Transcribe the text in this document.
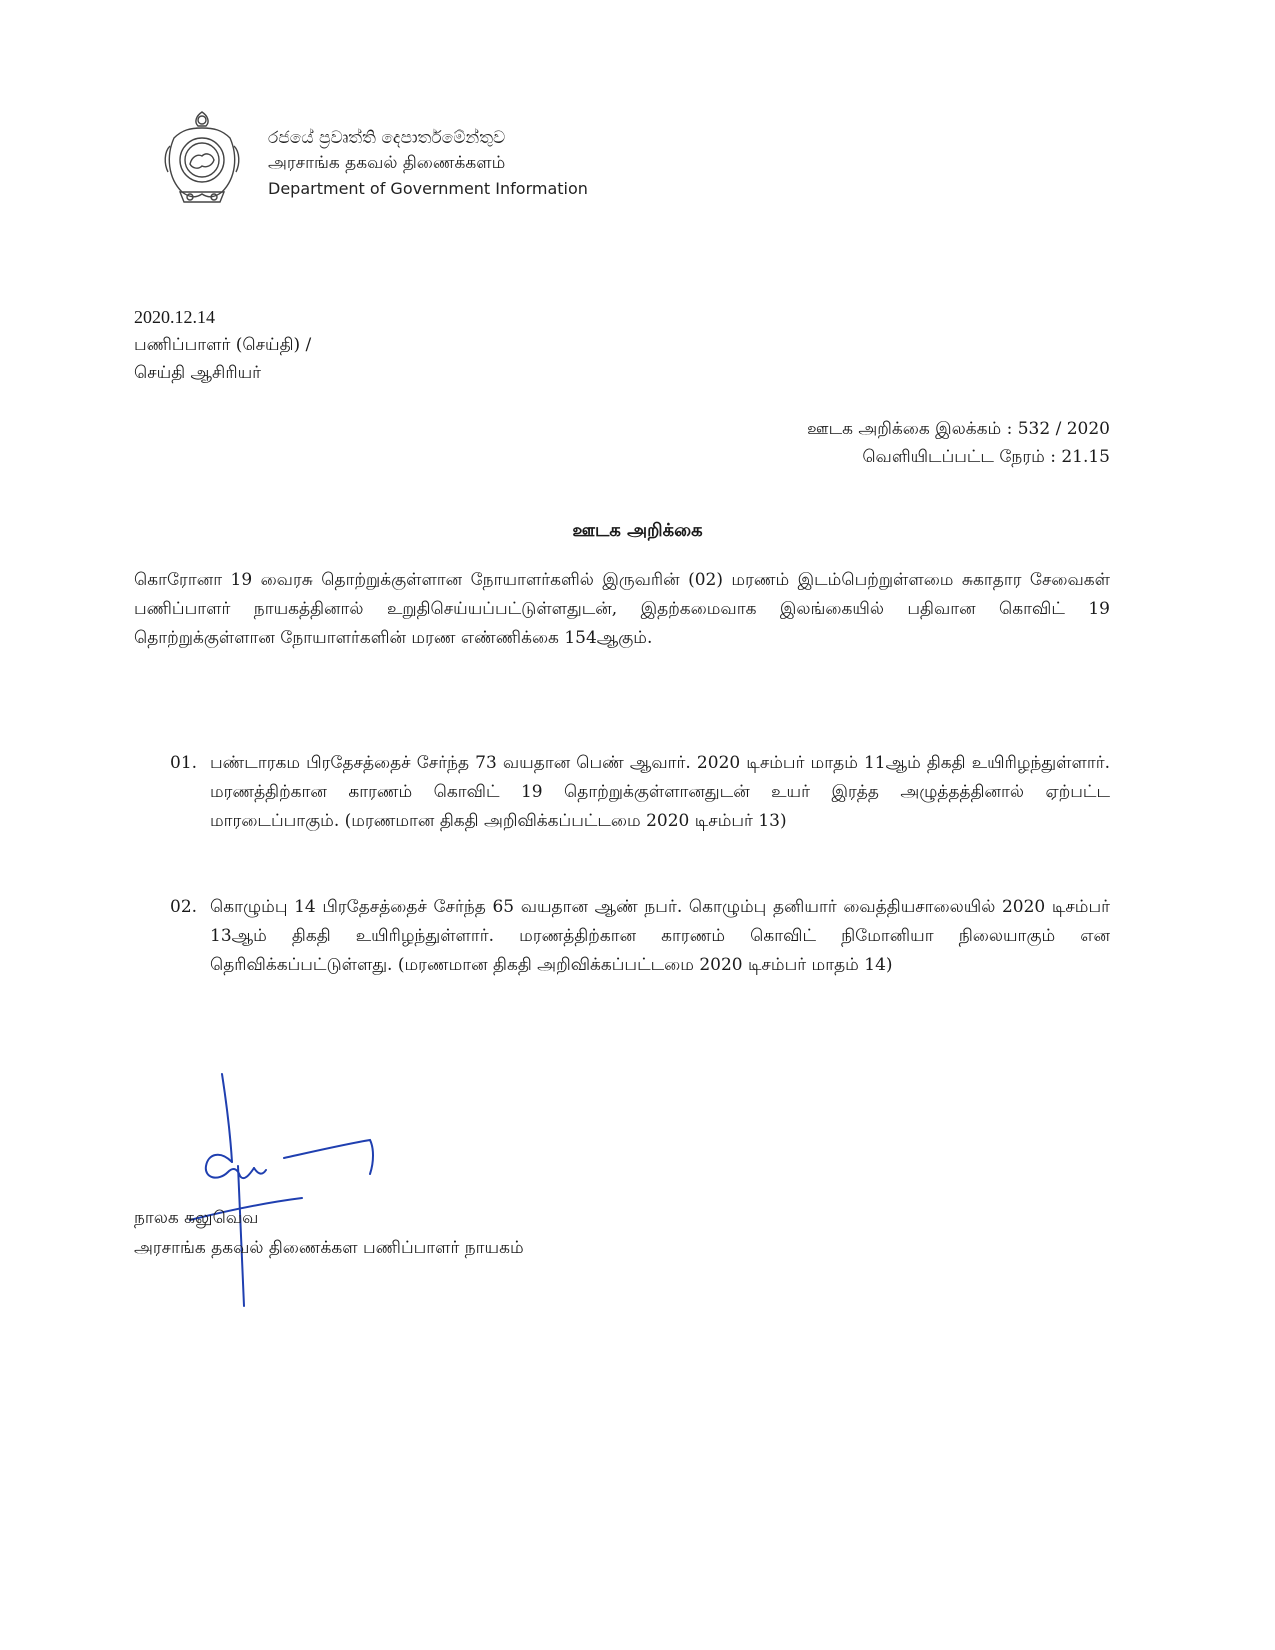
රජයේ ප්‍රවෘත්ති දෙපාර්තමේන්තුව
அரசாங்க தகவல் திணைக்களம்
Department of Government Information
2020.12.14
பணிப்பாளர் (செய்தி) /
செய்தி ஆசிரியர்
ஊடக அறிக்கை இலக்கம் : 532 / 2020
வெளியிடப்பட்ட நேரம் : 21.15
ஊடக அறிக்கை
கொரோனா 19 வைரசு தொற்றுக்குள்ளான நோயாளர்களில் இருவரின் (02) மரணம் இடம்பெற்றுள்ளமை சுகாதார சேவைகள் பணிப்பாளர் நாயகத்தினால் உறுதிசெய்யப்பட்டுள்ளதுடன், இதற்கமைவாக இலங்கையில் பதிவான கொவிட் 19 தொற்றுக்குள்ளான நோயாளர்களின் மரண எண்ணிக்கை 154ஆகும்.
01. பண்டாரகம பிரதேசத்தைச் சேர்ந்த 73 வயதான பெண் ஆவார். 2020 டிசம்பர் மாதம் 11ஆம் திகதி உயிரிழந்துள்ளார். மரணத்திற்கான காரணம் கொவிட் 19 தொற்றுக்குள்ளானதுடன் உயர் இரத்த அழுத்தத்தினால் ஏற்பட்ட மாரடைப்பாகும். (மரணமான திகதி அறிவிக்கப்பட்டமை 2020 டிசம்பர் 13)
02. கொழும்பு 14 பிரதேசத்தைச் சேர்ந்த 65 வயதான ஆண் நபர். கொழும்பு தனியார் வைத்தியசாலையில் 2020 டிசம்பர் 13ஆம் திகதி உயிரிழந்துள்ளார். மரணத்திற்கான காரணம் கொவிட் நிமோனியா நிலையாகும் என தெரிவிக்கப்பட்டுள்ளது. (மரணமான திகதி அறிவிக்கப்பட்டமை 2020 டிசம்பர் மாதம் 14)
நாலக கலுவெவ
அரசாங்க தகவல் திணைக்கள பணிப்பாளர் நாயகம்
